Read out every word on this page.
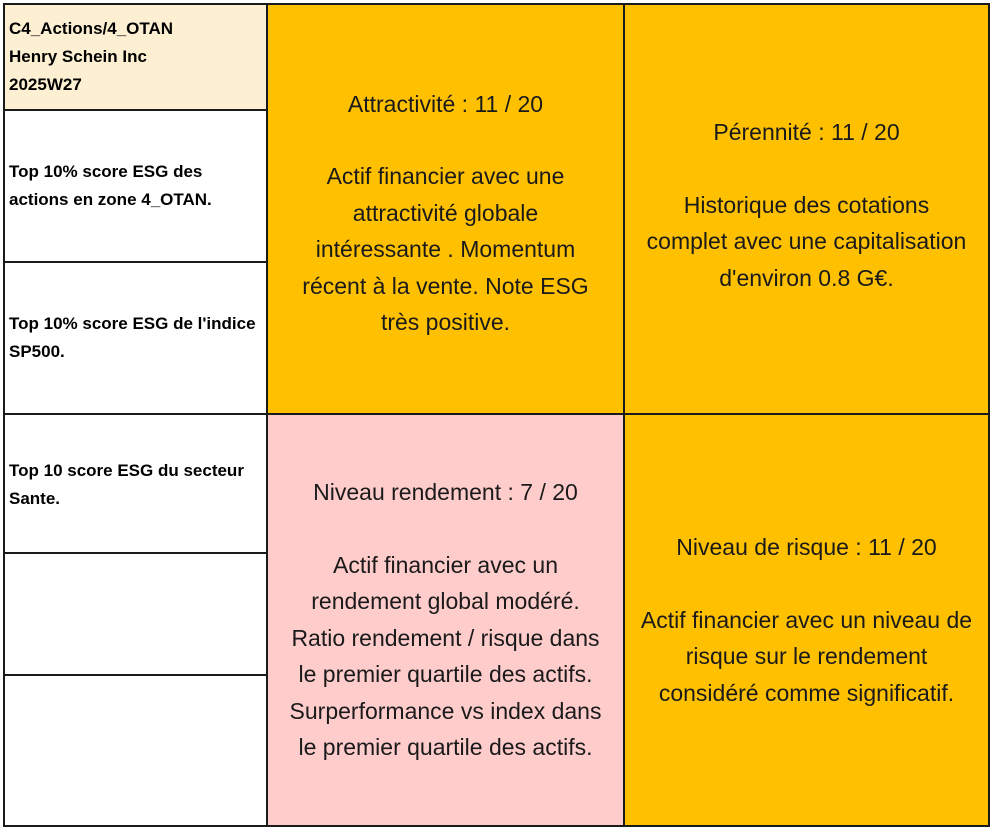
C4_Actions/4_OTAN
Henry Schein Inc
2025W27
Top 10% score ESG des actions en zone 4_OTAN.
Top 10% score ESG de l'indice SP500.
Top 10 score ESG du secteur Sante.
Attractivité : 11 / 20
Actif financier avec une
attractivité globale
intéressante . Momentum
récent à la vente. Note ESG
très positive.
Pérennité : 11 / 20
Historique des cotations
complet avec une capitalisation
d'environ 0.8 G€.
Niveau rendement : 7 / 20
Actif financier avec un
rendement global modéré.
Ratio rendement / risque dans
le premier quartile des actifs.
Surperformance vs index dans
le premier quartile des actifs.
Niveau de risque : 11 / 20
Actif financier avec un niveau de
risque sur le rendement
considéré comme significatif.
